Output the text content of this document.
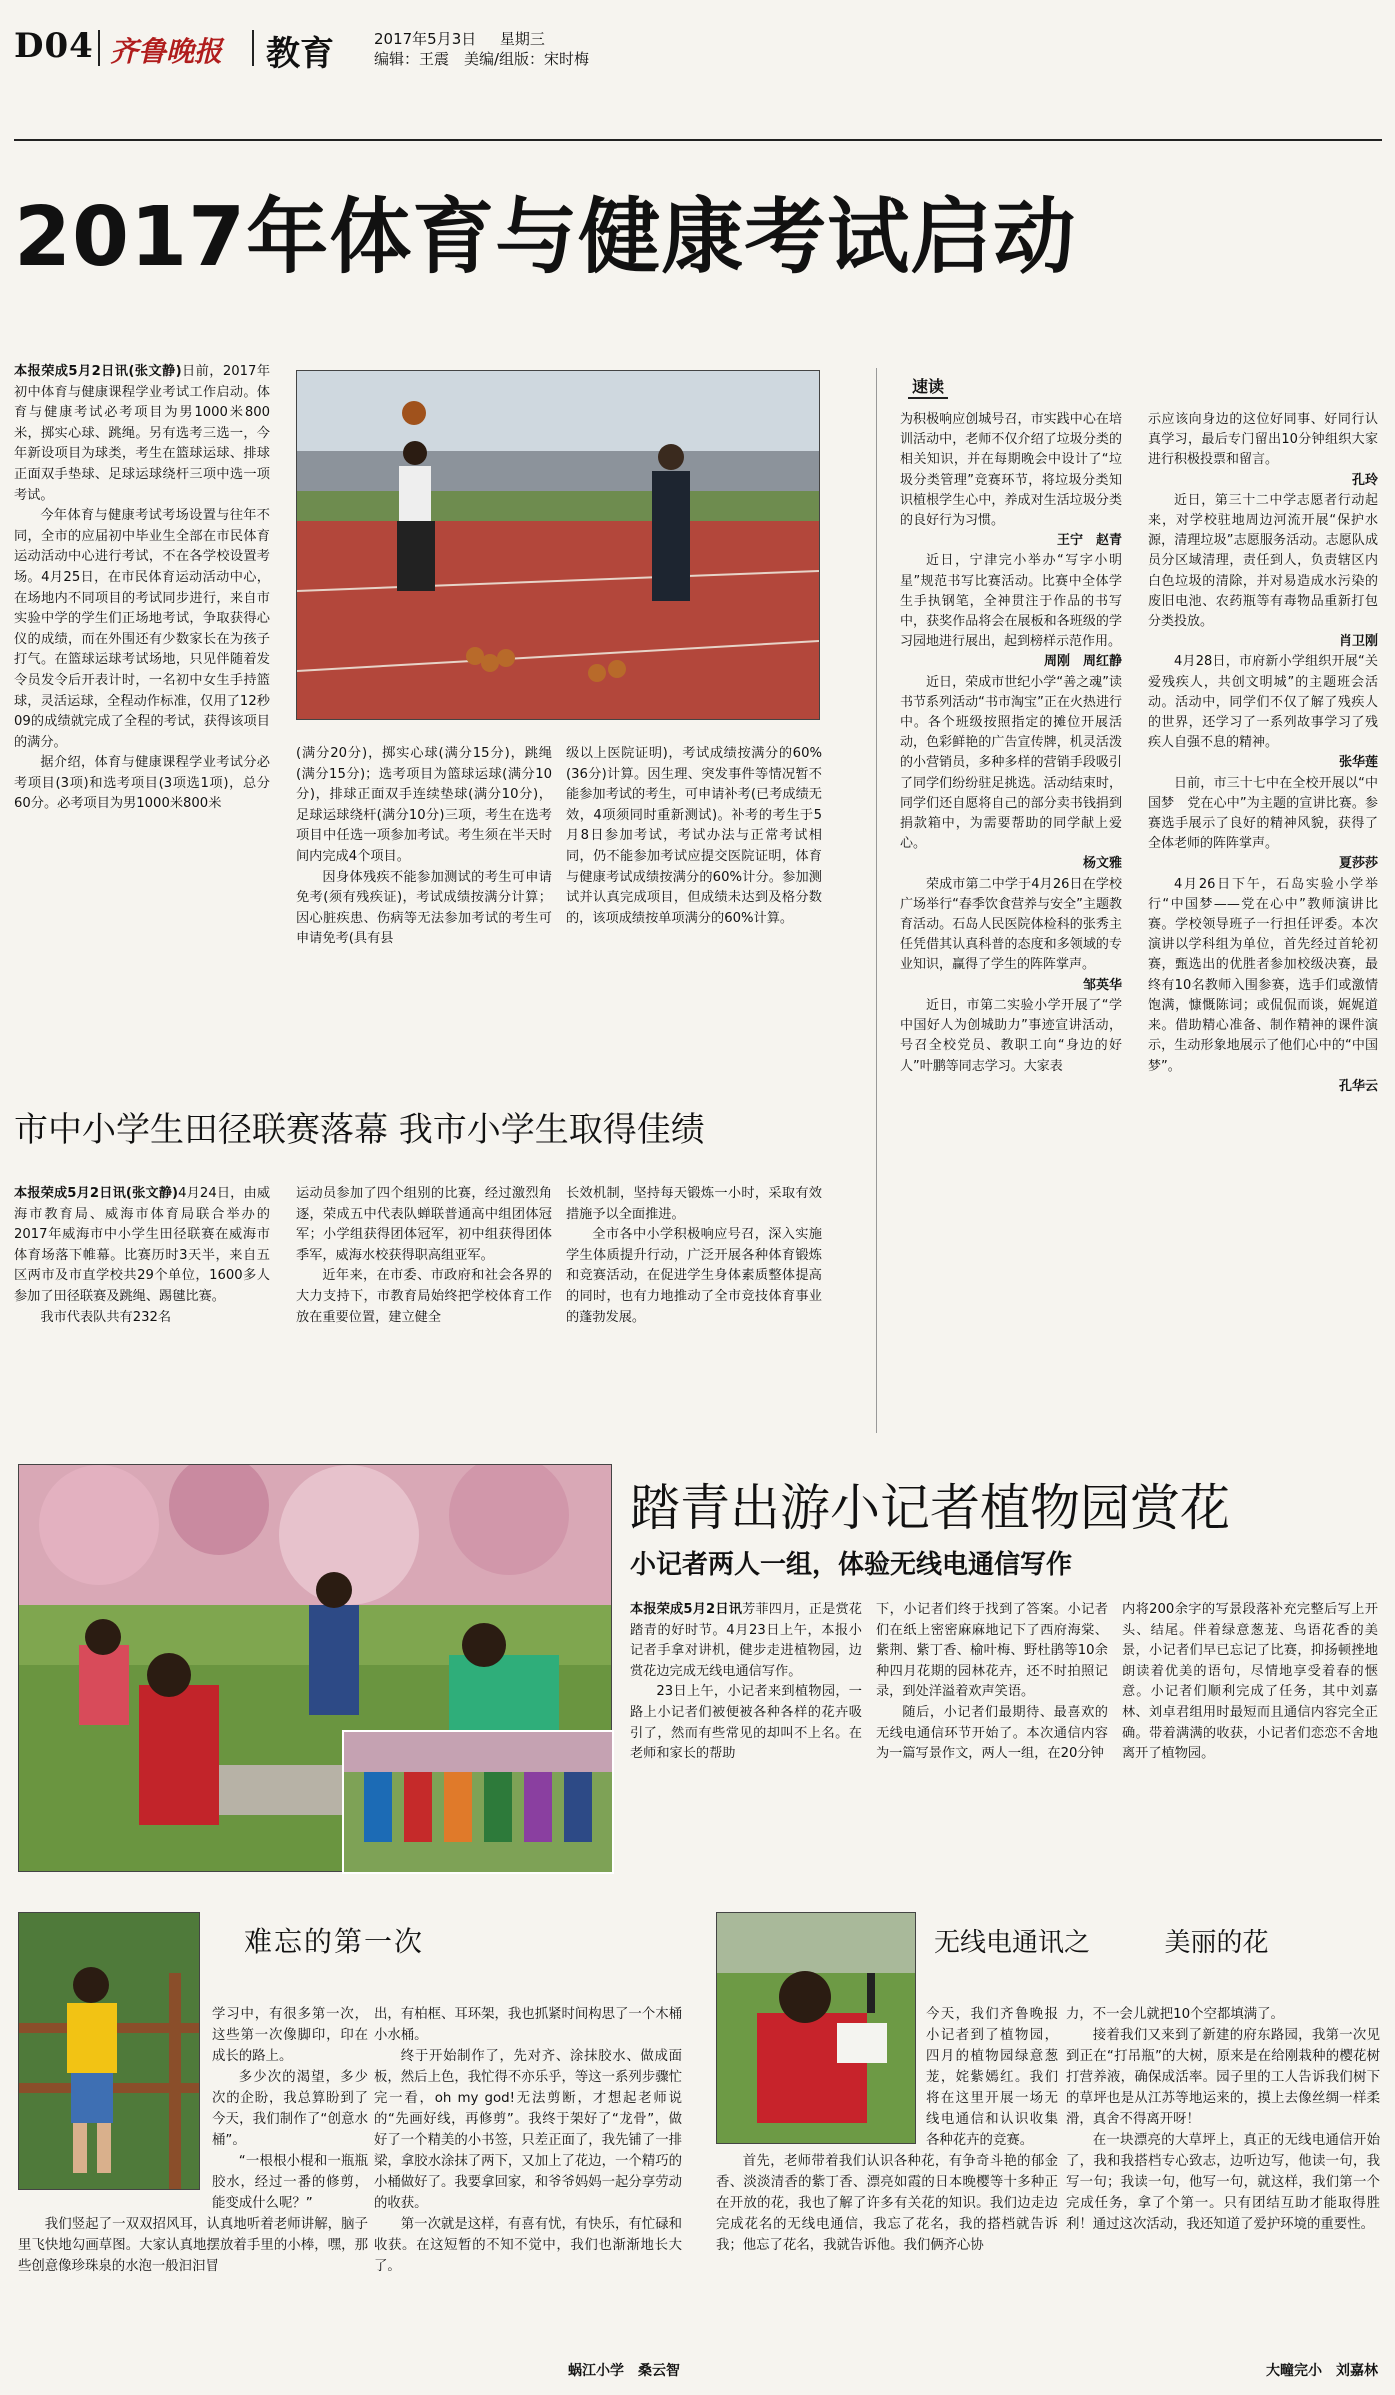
D04 齐鲁晚报 教育	2017年5月3日 星期三
编辑：王震　美编/组版：宋时梅
2017年体育与健康考试启动

本报荣成5月2日讯(张文静)日前，2017年初中体育与健康课程学业考试工作启动。体育与健康考试必考项目为男1000米800米，掷实心球、跳绳。另有选考三选一，今年新设项目为球类，考生在篮球运球、排球正面双手垫球、足球运球绕杆三项中选一项考试。

今年体育与健康考试考场设置与往年不同，全市的应届初中毕业生全部在市民体育运动活动中心进行考试，不在各学校设置考场。4月25日，在市民体育运动活动中心，在场地内不同项目的考试同步进行，来自市实验中学的学生们正场地考试，争取获得心仪的成绩，而在外围还有少数家长在为孩子打气。在篮球运球考试场地，只见伴随着发令员发令后开表计时，一名初中女生手持篮球，灵活运球，全程动作标准，仅用了12秒09的成绩就完成了全程的考试，获得该项目的满分。

据介绍，体育与健康课程学业考试分必考项目(3项)和选考项目(3项选1项)，总分60分。必考项目为男1000米800米

(满分20分)，掷实心球(满分15分)，跳绳(满分15分)；选考项目为篮球运球(满分10分)，排球正面双手连续垫球(满分10分)，足球运球绕杆(满分10分)三项，考生在选考项目中任选一项参加考试。考生须在半天时间内完成4个项目。

因身体残疾不能参加测试的考生可申请免考(须有残疾证)，考试成绩按满分计算；因心脏疾患、伤病等无法参加考试的考生可申请免考(具有县

级以上医院证明)，考试成绩按满分的60%(36分)计算。因生理、突发事件等情况暂不能参加考试的考生，可申请补考(已考成绩无效，4项须同时重新测试)。补考的考生于5月8日参加考试，考试办法与正常考试相同，仍不能参加考试应提交医院证明，体育与健康考试成绩按满分的60%计分。参加测试并认真完成项目，但成绩未达到及格分数的，该项成绩按单项满分的60%计算。

市中小学生田径联赛落幕 我市小学生取得佳绩

本报荣成5月2日讯(张文静)4月24日，由威海市教育局、威海市体育局联合举办的2017年威海市中小学生田径联赛在威海市体育场落下帷幕。比赛历时3天半，来自五区两市及市直学校共29个单位，1600多人参加了田径联赛及跳绳、踢毽比赛。

我市代表队共有232名

运动员参加了四个组别的比赛，经过激烈角逐，荣成五中代表队蝉联普通高中组团体冠军；小学组获得团体冠军，初中组获得团体季军，威海水校获得职高组亚军。

近年来，在市委、市政府和社会各界的大力支持下，市教育局始终把学校体育工作放在重要位置，建立健全

长效机制，坚持每天锻炼一小时，采取有效措施予以全面推进。

全市各中小学积极响应号召，深入实施学生体质提升行动，广泛开展各种体育锻炼和竞赛活动，在促进学生身体素质整体提高的同时，也有力地推动了全市竞技体育事业的蓬勃发展。

速读

为积极响应创城号召，市实践中心在培训活动中，老师不仅介绍了垃圾分类的相关知识，并在每期晚会中设计了“垃圾分类管理”竞赛环节，将垃圾分类知识植根学生心中，养成对生活垃圾分类的良好行为习惯。

王宁　赵青

近日，宁津完小举办“写字小明星”规范书写比赛活动。比赛中全体学生手执钢笔，全神贯注于作品的书写中，获奖作品将会在展板和各班级的学习园地进行展出，起到榜样示范作用。

周刚　周红静

近日，荣成市世纪小学“善之魂”读书节系列活动“书市淘宝”正在火热进行中。各个班级按照指定的摊位开展活动，色彩鲜艳的广告宣传牌，机灵活泼的小营销员，多种多样的营销手段吸引了同学们纷纷驻足挑选。活动结束时，同学们还自愿将自己的部分卖书钱捐到捐款箱中，为需要帮助的同学献上爱心。

杨文雅

荣成市第二中学于4月26日在学校广场举行“春季饮食营养与安全”主题教育活动。石岛人民医院体检科的张秀主任凭借其认真科普的态度和多领域的专业知识，赢得了学生的阵阵掌声。

邹英华

近日，市第二实验小学开展了“学中国好人为创城助力”事迹宣讲活动，号召全校党员、教职工向“身边的好人”叶鹏等同志学习。大家表

示应该向身边的这位好同事、好同行认真学习，最后专门留出10分钟组织大家进行积极投票和留言。

孔玲

近日，第三十二中学志愿者行动起来，对学校驻地周边河流开展“保护水源，清理垃圾”志愿服务活动。志愿队成员分区域清理，责任到人，负责辖区内白色垃圾的清除，并对易造成水污染的废旧电池、农药瓶等有毒物品重新打包分类投放。

肖卫刚

4月28日，市府新小学组织开展“关爱残疾人，共创文明城”的主题班会活动。活动中，同学们不仅了解了残疾人的世界，还学习了一系列故事学习了残疾人自强不息的精神。

张华莲

日前，市三十七中在全校开展以“中国梦　党在心中”为主题的宣讲比赛。参赛选手展示了良好的精神风貌，获得了全体老师的阵阵掌声。

夏莎莎

4月26日下午，石岛实验小学举行“中国梦——党在心中”教师演讲比赛。学校领导班子一行担任评委。本次演讲以学科组为单位，首先经过首轮初赛，甄选出的优胜者参加校级决赛，最终有10名教师入围参赛，选手们或激情饱满，慷慨陈词；或侃侃而谈，娓娓道来。借助精心准备、制作精神的课件演示，生动形象地展示了他们心中的“中国梦”。

孔华云

踏青出游小记者植物园赏花
小记者两人一组，体验无线电通信写作

本报荣成5月2日讯芳菲四月，正是赏花踏青的好时节。4月23日上午，本报小记者手拿对讲机，健步走进植物园，边赏花边完成无线电通信写作。

23日上午，小记者来到植物园，一路上小记者们被便被各种各样的花卉吸引了，然而有些常见的却叫不上名。在老师和家长的帮助

下，小记者们终于找到了答案。小记者们在纸上密密麻麻地记下了西府海棠、紫荆、紫丁香、榆叶梅、野杜鹃等10余种四月花期的园林花卉，还不时拍照记录，到处洋溢着欢声笑语。

随后，小记者们最期待、最喜欢的无线电通信环节开始了。本次通信内容为一篇写景作文，两人一组，在20分钟

内将200余字的写景段落补充完整后写上开头、结尾。伴着绿意葱茏、鸟语花香的美景，小记者们早已忘记了比赛，抑扬顿挫地朗读着优美的语句，尽情地享受着春的惬意。小记者们顺利完成了任务，其中刘嘉林、刘卓君组用时最短而且通信内容完全正确。带着满满的收获，小记者们恋恋不舍地离开了植物园。

难忘的第一次

学习中，有很多第一次，这些第一次像脚印，印在成长的路上。

多少次的渴望，多少次的企盼，我总算盼到了今天，我们制作了“创意水桶”。

“一根根小棍和一瓶瓶胶水，经过一番的修剪，能变成什么呢？”

我们竖起了一双双招风耳，认真地听着老师讲解，脑子里飞快地勾画草图。大家认真地摆放着手里的小棒，嘿，那些创意像珍珠泉的水泡一般汩汩冒

出，有柏框、耳环架，我也抓紧时间构思了一个木桶小水桶。

终于开始制作了，先对齐、涂抹胶水、做成面板，然后上色，我忙得不亦乐乎，等这一系列步骤忙完一看，oh my god!无法剪断，才想起老师说的“先画好线，再修剪”。我终于架好了“龙骨”，做好了一个精美的小书签，只差正面了，我先铺了一排梁，拿胶水涂抹了两下，又加上了花边，一个精巧的小桶做好了。我要拿回家，和爷爷妈妈一起分享劳动的收获。

第一次就是这样，有喜有忧，有快乐，有忙碌和收获。在这短暂的不知不觉中，我们也渐渐地长大了。

蜗江小学　桑云智
无线电通讯之	美丽的花

今天，我们齐鲁晚报小记者到了植物园，四月的植物园绿意葱茏，姹紫嫣红。我们将在这里开展一场无线电通信和认识收集各种花卉的竞赛。

首先，老师带着我们认识各种花，有争奇斗艳的郁金香、淡淡清香的紫丁香、漂亮如霞的日本晚樱等十多种正在开放的花，我也了解了许多有关花的知识。我们边走边完成花名的无线电通信，我忘了花名，我的搭档就告诉我；他忘了花名，我就告诉他。我们俩齐心协

力，不一会儿就把10个空都填满了。

接着我们又来到了新建的府东路园，我第一次见到正在“打吊瓶”的大树，原来是在给刚栽种的樱花树打营养液，确保成活率。园子里的工人告诉我们树下的草坪也是从江苏等地运来的，摸上去像丝绸一样柔滑，真舍不得离开呀！

在一块漂亮的大草坪上，真正的无线电通信开始了，我和我搭档专心致志，边听边写，他读一句，我写一句；我读一句，他写一句，就这样，我们第一个完成任务，拿了个第一。只有团结互助才能取得胜利！通过这次活动，我还知道了爱护环境的重要性。

大疃完小　刘嘉林
